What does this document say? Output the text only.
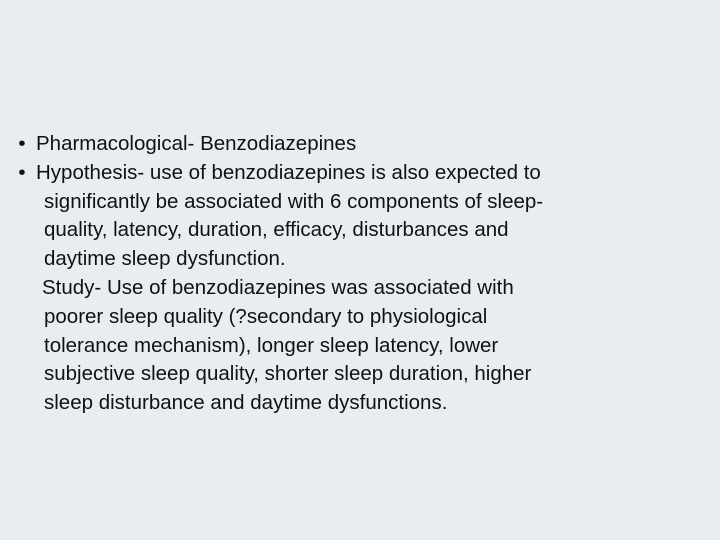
• Pharmacological- Benzodiazepines
• Hypothesis- use of benzodiazepines is also expected to
significantly be associated with 6 components of sleep-
quality, latency, duration, efficacy, disturbances and
daytime sleep dysfunction.
Study- Use of benzodiazepines was associated with
poorer sleep quality (?secondary to physiological
tolerance mechanism), longer sleep latency, lower
subjective sleep quality, shorter sleep duration, higher
sleep disturbance and daytime dysfunctions.
